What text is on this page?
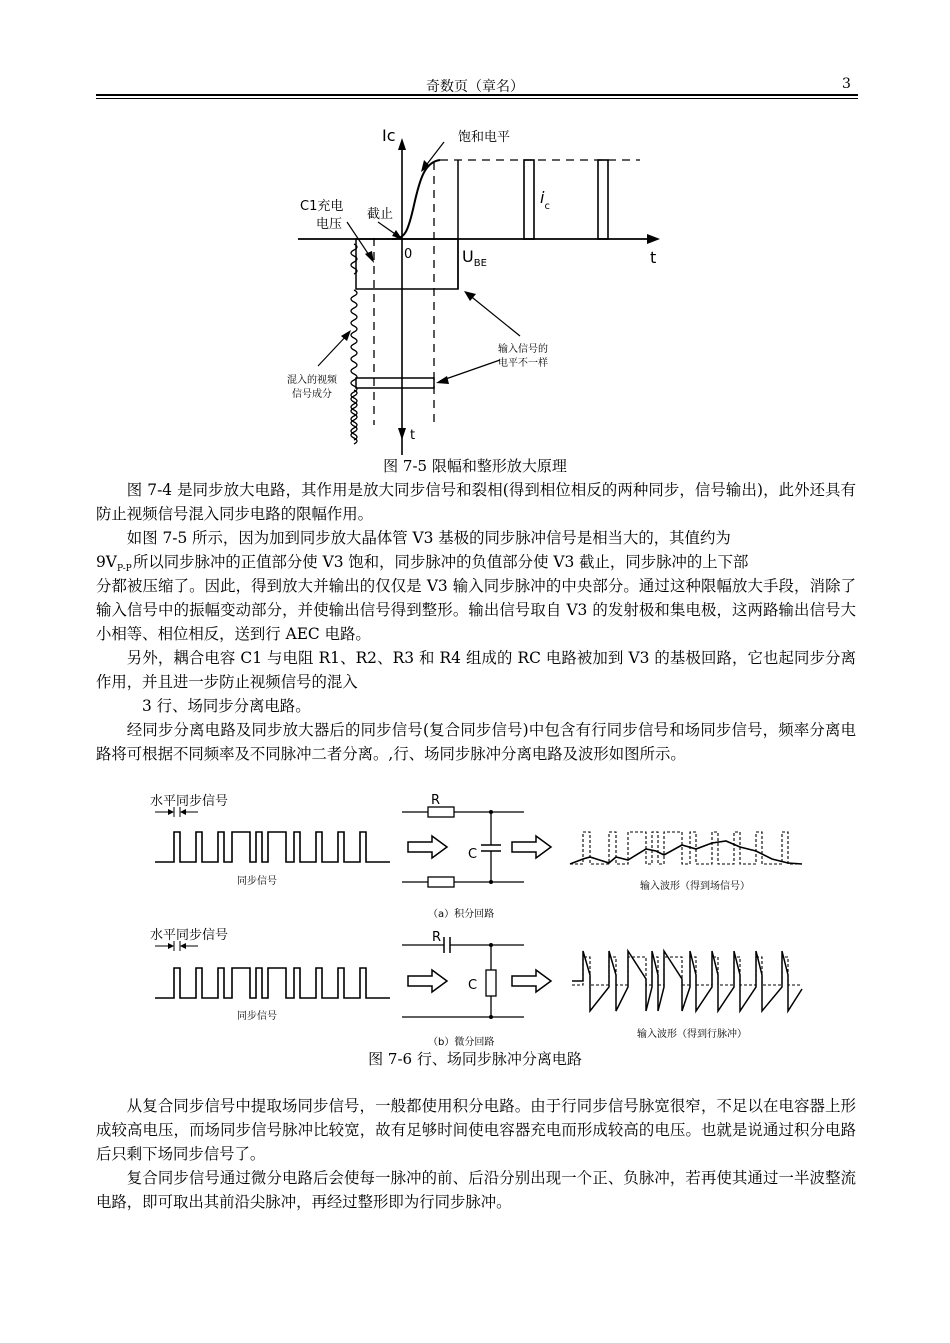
奇数页（章名）	3
Ic	饱和电平
C1充电
电压
截止
0	$U_{BE}$	t
$i_c$
输入信号的
电平不一样
混入的视频
信号成分
t
图 7-5 限幅和整形放大原理
图 7-4 是同步放大电路，其作用是放大同步信号和裂相(得到相位相反的两种同步，信号输出)，此外还具有防止视频信号混入同步电路的限幅作用。
如图 7-5 所示，因为加到同步放大晶体管 V3 基极的同步脉冲信号是相当大的，其值约为
9V P-P 所以同步脉冲的正值部分使 V3 饱和，同步脉冲的负值部分使 V3 截止，同步脉冲的上下部
分都被压缩了。因此，得到放大并输出的仅仅是 V3 输入同步脉冲的中央部分。通过这种限幅放大手段，消除了输入信号中的振幅变动部分，并使输出信号得到整形。输出信号取自 V3 的发射极和集电极，这两路输出信号大小相等、相位相反，送到行 AEC 电路。
另外，耦合电容 C1 与电阻 R1、R2、R3 和 R4 组成的 RC 电路被加到 V3 的基极回路，它也起同步分离作用，并且进一步防止视频信号的混入
3 行、场同步分离电路。
经同步分离电路及同步放大器后的同步信号(复合同步信号)中包含有行同步信号和场同步信号，频率分离电路将可根据不同频率及不同脉冲二者分离。,行、场同步脉冲分离电路及波形如图所示。
水平同步信号
同步信号
R
C
输入波形（得到场信号）
（a）积分回路
水平同步信号
同步信号
R
C
输入波形（得到行脉冲）
（b）微分回路
图 7-6 行、场同步脉冲分离电路
从复合同步信号中提取场同步信号，一般都使用积分电路。由于行同步信号脉宽很窄，不足以在电容器上形成较高电压，而场同步信号脉冲比较宽，故有足够时间使电容器充电而形成较高的电压。也就是说通过积分电路后只剩下场同步信号了。
复合同步信号通过微分电路后会使每一脉冲的前、后沿分别出现一个正、负脉冲，若再使其通过一半波整流电路，即可取出其前沿尖脉冲，再经过整形即为行同步脉冲。
